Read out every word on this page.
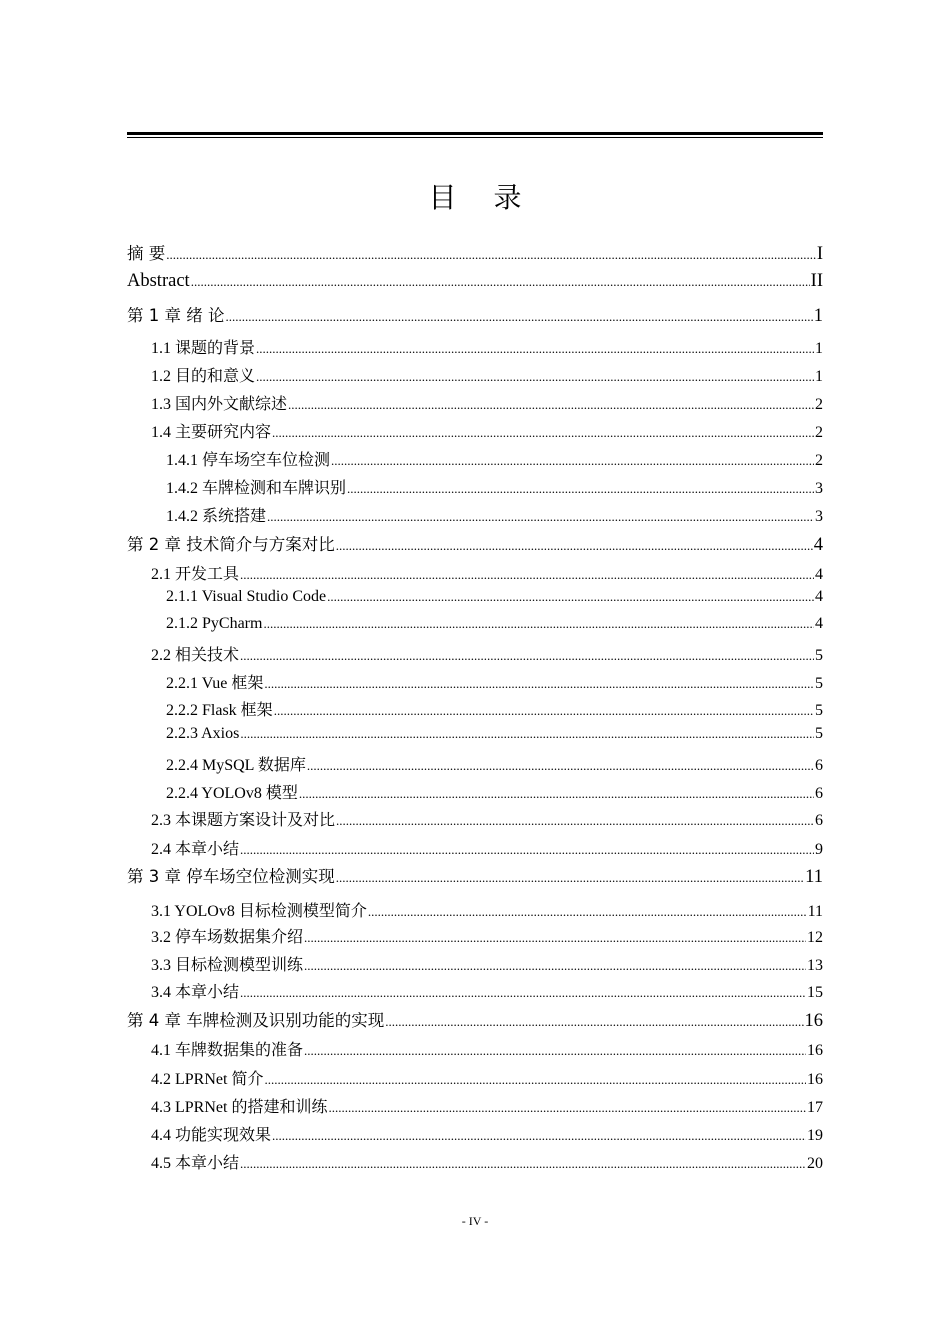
目 录
摘 要 .....	I
Abstract .....	II
第 1 章 绪 论 .....	1
1.1 课题的背景 .....	1
1.2 目的和意义 .....	1
1.3 国内外文献综述 .....	2
1.4 主要研究内容 .....	2
1.4.1 停车场空车位检测 .....	2
1.4.2 车牌检测和车牌识别 .....	3
1.4.2 系统搭建 .....	3
第 2 章 技术简介与方案对比 .....	4
2.1 开发工具 .....	4
2.1.1 Visual Studio Code .....	4
2.1.2 PyCharm .....	4
2.2 相关技术 .....	5
2.2.1 Vue 框架 .....	5
2.2.2 Flask 框架 .....	5
2.2.3 Axios .....	5
2.2.4 MySQL 数据库 .....	6
2.2.4 YOLOv8 模型 .....	6
2.3 本课题方案设计及对比 .....	6
2.4 本章小结 .....	9
第 3 章 停车场空位检测实现 .....	11
3.1 YOLOv8 目标检测模型简介 .....	11
3.2 停车场数据集介绍 .....	12
3.3 目标检测模型训练 .....	13
3.4 本章小结 .....	15
第 4 章 车牌检测及识别功能的实现 .....	16
4.1 车牌数据集的准备 .....	16
4.2 LPRNet 简介 .....	16
4.3 LPRNet 的搭建和训练 .....	17
4.4 功能实现效果 .....	19
4.5 本章小结 .....	20
- IV -
